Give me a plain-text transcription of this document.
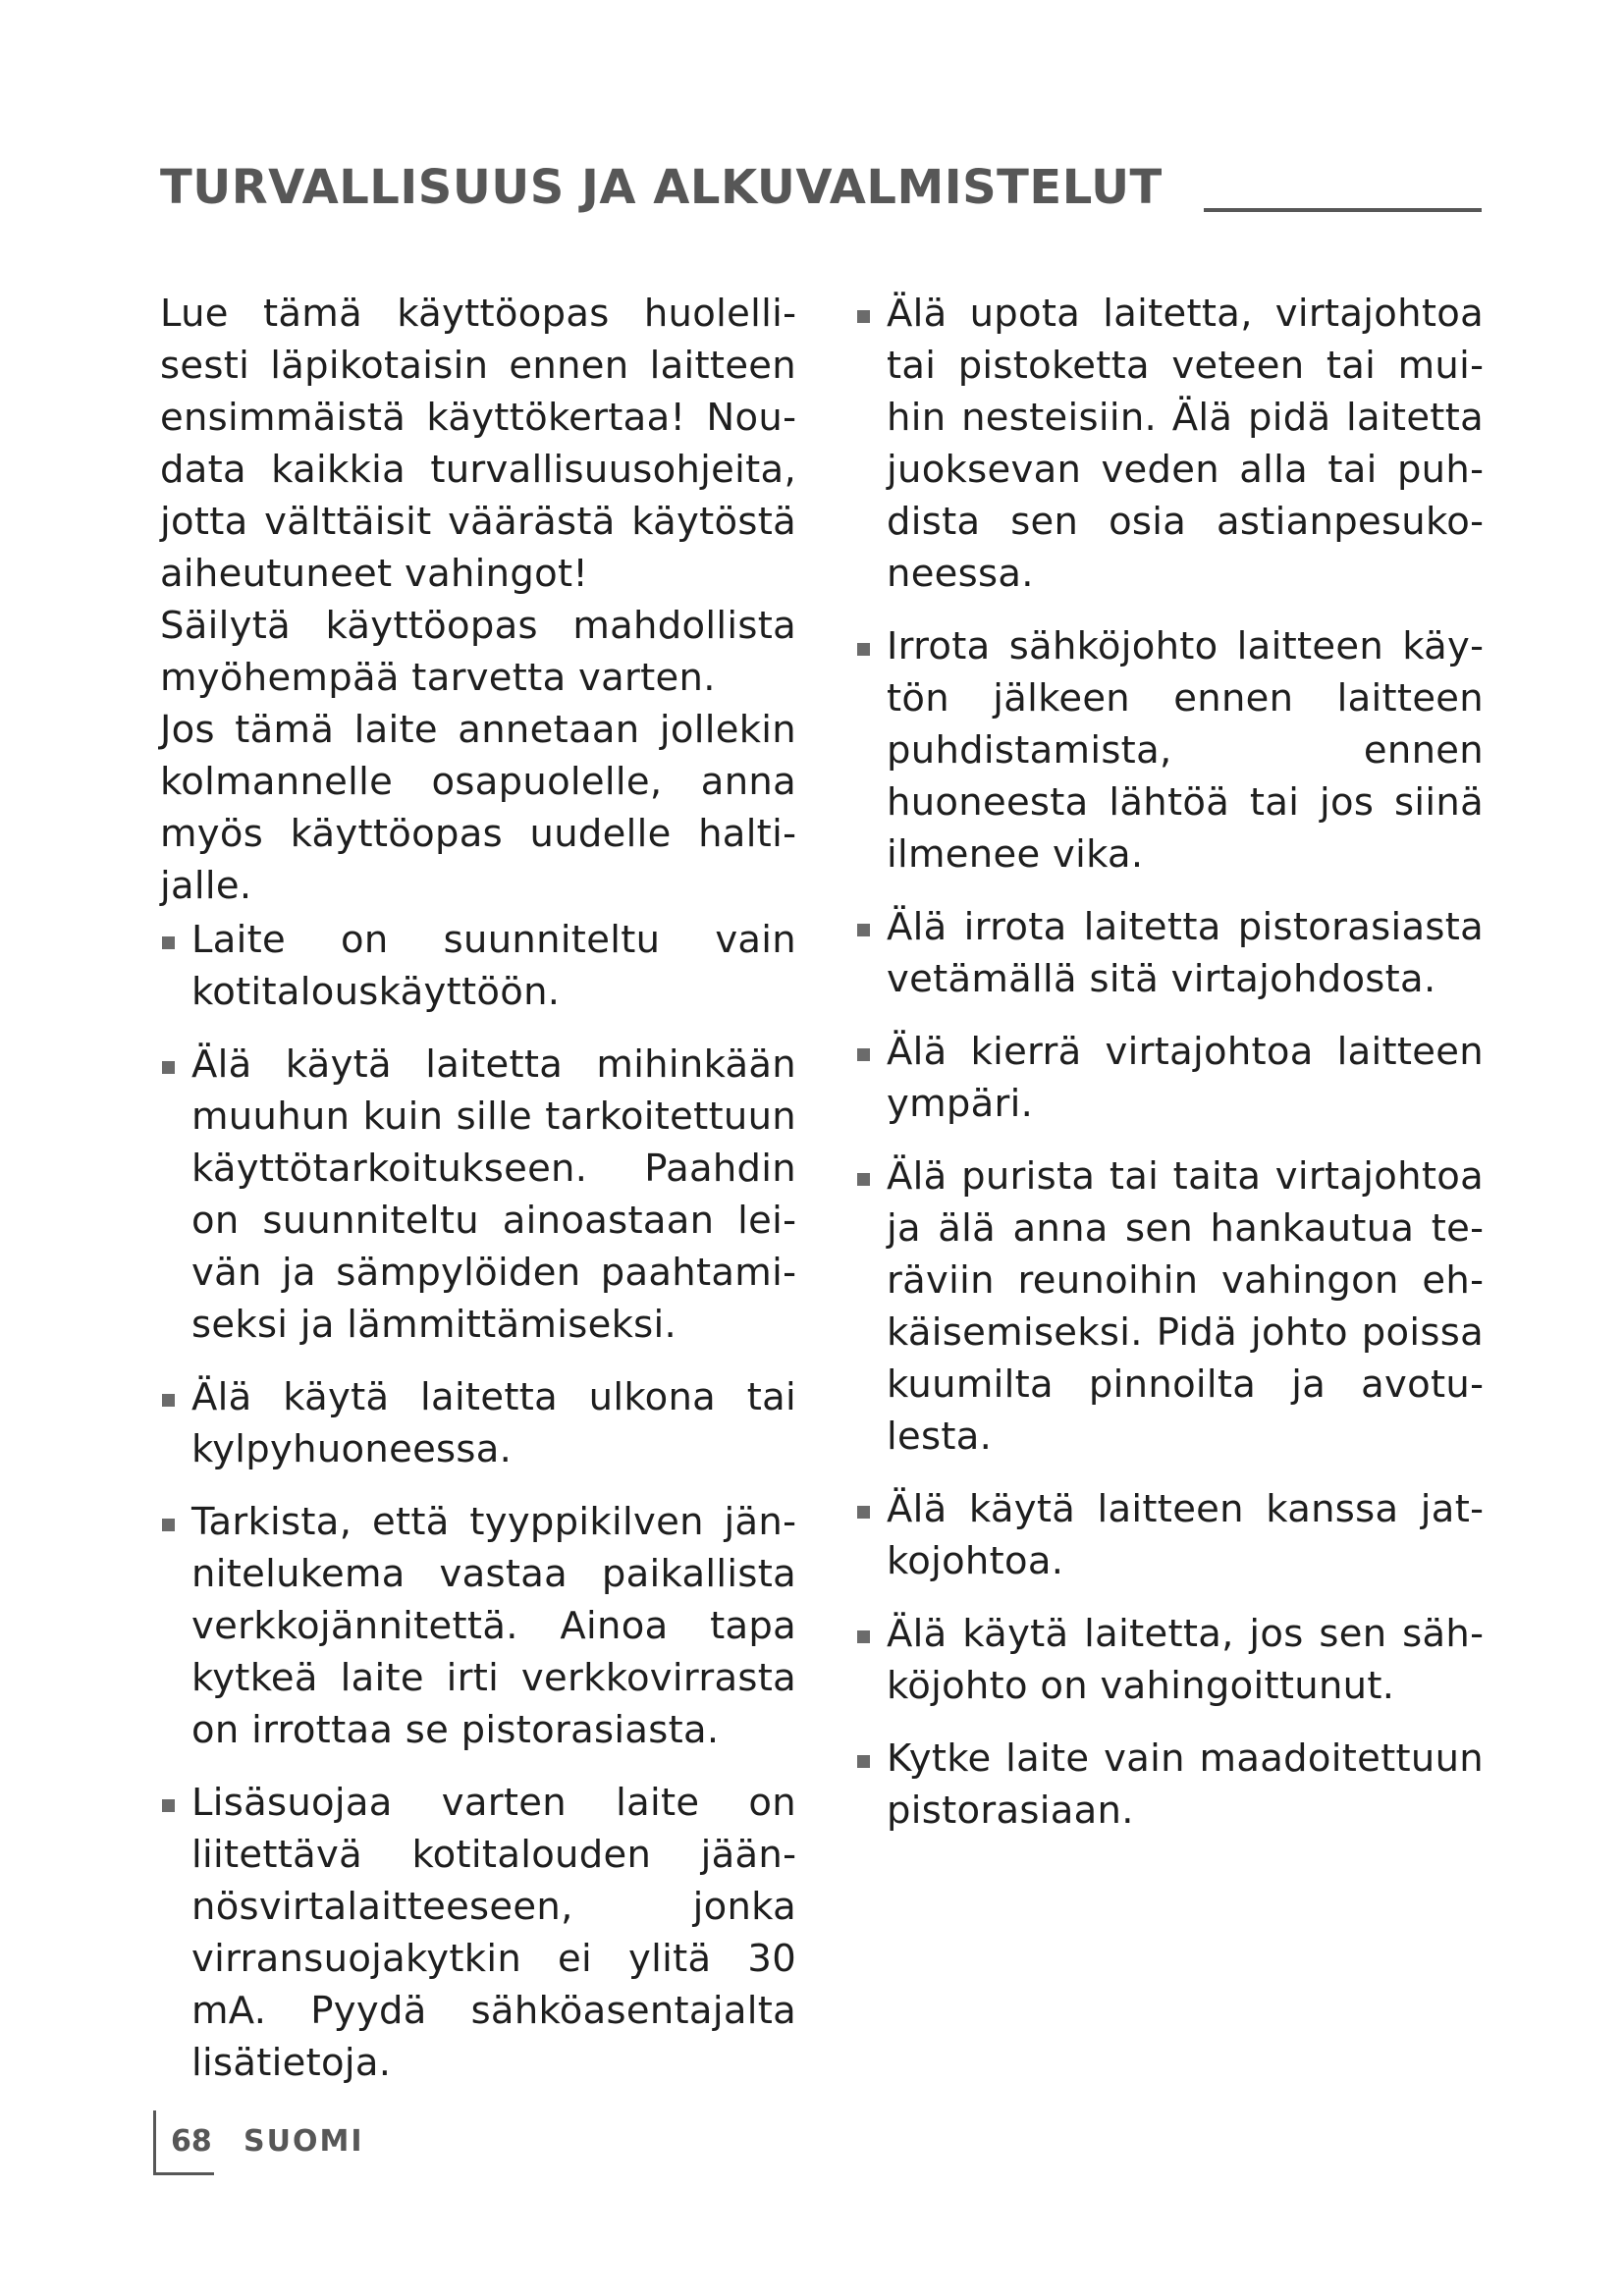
TURVALLISUUS JA ALKUVALMISTELUT

Lue tämä käyttöopas huolellisesti läpikotaisin ennen laitteen ensimmäistä käyttökertaa! Noudata kaikkia turvallisuusohjeita, jotta välttäisit väärästä käytöstä aiheutuneet vahingot!

Säilytä käyttöopas mahdollista myöhempää tarvetta varten.

Jos tämä laite annetaan jollekin kolmannelle osapuolelle, anna myös käyttöopas uudelle haltijalle.

Laite on suunniteltu vain kotitalouskäyttöön.
Älä käytä laitetta mihinkään muuhun kuin sille tarkoitettuun käyttötarkoitukseen. Paahdin on suunniteltu ainoastaan leivän ja sämpylöiden paahtamiseksi ja lämmittämiseksi.
Älä käytä laitetta ulkona tai kylpyhuoneessa.
Tarkista, että tyyppikilven jännitelukema vastaa paikallista verkkojännitettä. Ainoa tapa kytkeä laite irti verkkovirrasta on irrottaa se pistorasiasta.
Lisäsuojaa varten laite on liitettävä kotitalouden jäännösvirtalaitteeseen, jonka virransuojakytkin ei ylitä 30 mA. Pyydä sähköasentajalta lisätietoja.
Älä upota laitetta, virtajohtoa tai pistoketta veteen tai muihin nesteisiin. Älä pidä laitetta juoksevan veden alla tai puhdista sen osia astianpesukoneessa.
Irrota sähköjohto laitteen käytön jälkeen ennen laitteen puhdistamista, ennen huoneesta lähtöä tai jos siinä ilmenee vika.
Älä irrota laitetta pistorasiasta vetämällä sitä virtajohdosta.
Älä kierrä virtajohtoa laitteen ympäri.
Älä purista tai taita virtajohtoa ja älä anna sen hankautua teräviin reunoihin vahingon ehkäisemiseksi. Pidä johto poissa kuumilta pinnoilta ja avotulesta.
Älä käytä laitteen kanssa jatkojohtoa.
Älä käytä laitetta, jos sen sähköjohto on vahingoittunut.
Kytke laite vain maadoitettuun pistorasiaan.
68 SUOMI
